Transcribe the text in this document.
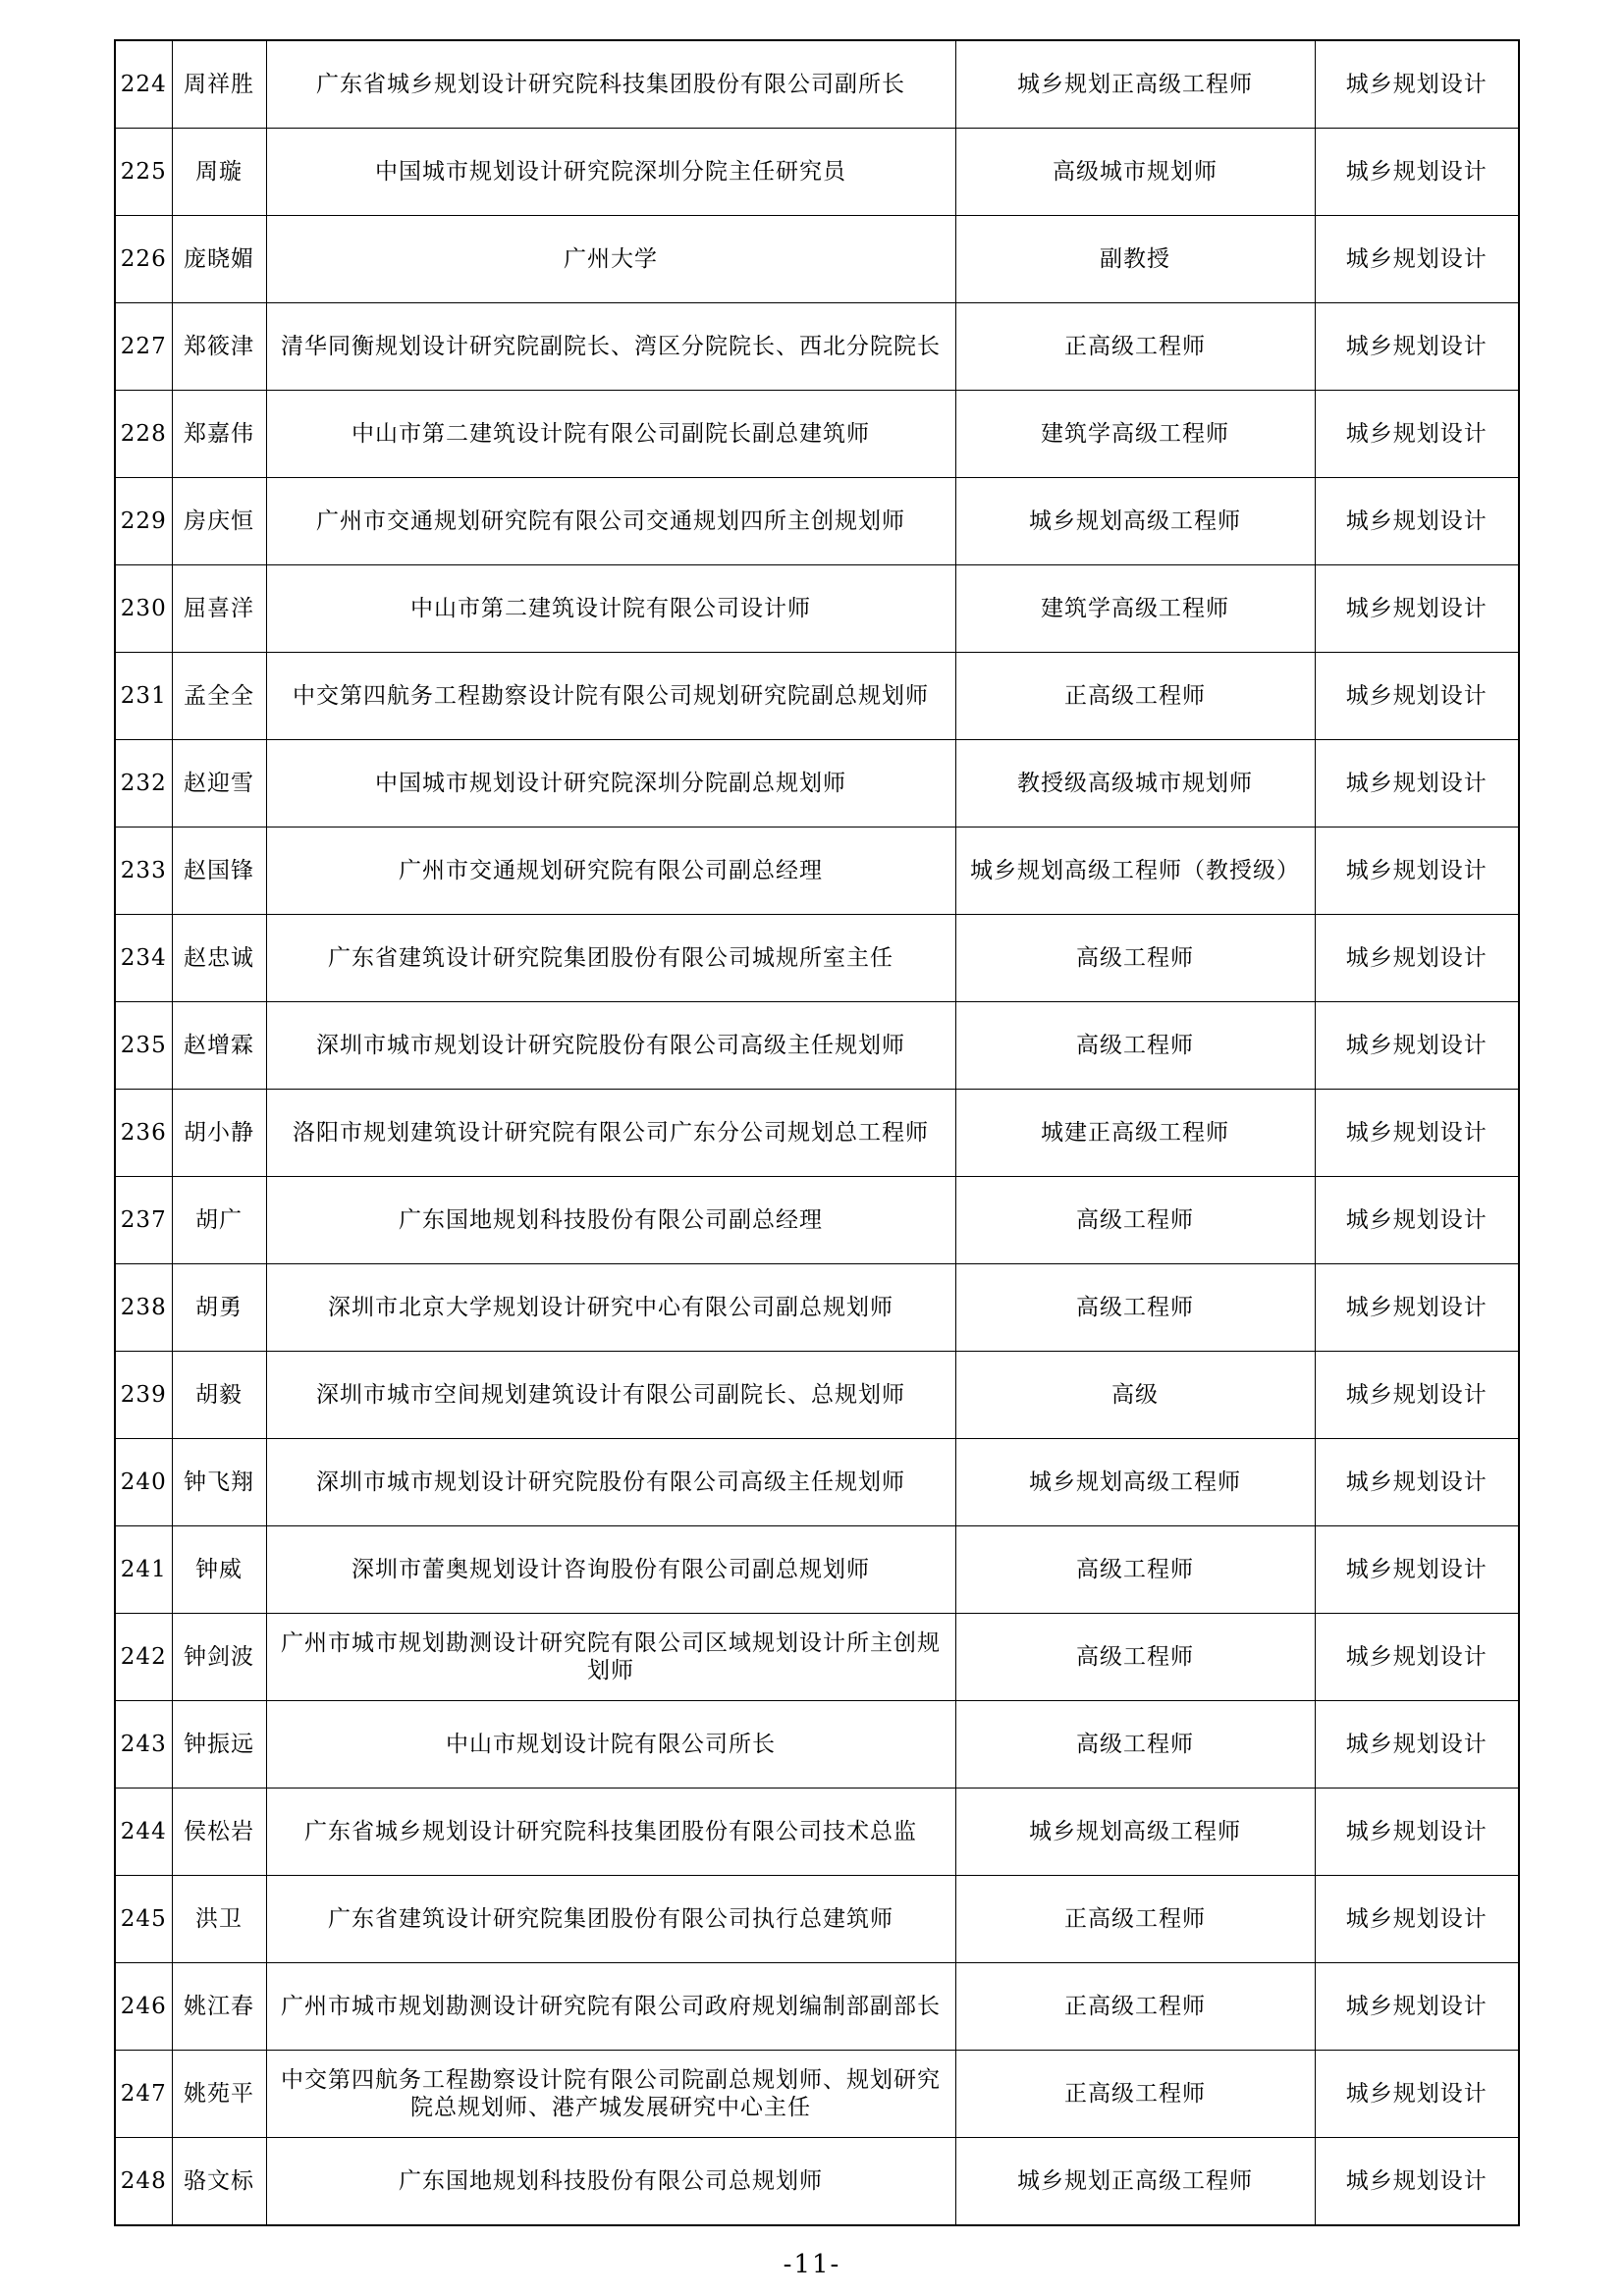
224	周祥胜	广东省城乡规划设计研究院科技集团股份有限公司副所长	城乡规划正高级工程师	城乡规划设计
225	周璇	中国城市规划设计研究院深圳分院主任研究员	高级城市规划师	城乡规划设计
226	庞晓媚	广州大学	副教授	城乡规划设计
227	郑筱津	清华同衡规划设计研究院副院长、湾区分院院长、西北分院院长	正高级工程师	城乡规划设计
228	郑嘉伟	中山市第二建筑设计院有限公司副院长副总建筑师	建筑学高级工程师	城乡规划设计
229	房庆恒	广州市交通规划研究院有限公司交通规划四所主创规划师	城乡规划高级工程师	城乡规划设计
230	屈喜洋	中山市第二建筑设计院有限公司设计师	建筑学高级工程师	城乡规划设计
231	孟全全	中交第四航务工程勘察设计院有限公司规划研究院副总规划师	正高级工程师	城乡规划设计
232	赵迎雪	中国城市规划设计研究院深圳分院副总规划师	教授级高级城市规划师	城乡规划设计
233	赵国锋	广州市交通规划研究院有限公司副总经理	城乡规划高级工程师（教授级）	城乡规划设计
234	赵忠诚	广东省建筑设计研究院集团股份有限公司城规所室主任	高级工程师	城乡规划设计
235	赵增霖	深圳市城市规划设计研究院股份有限公司高级主任规划师	高级工程师	城乡规划设计
236	胡小静	洛阳市规划建筑设计研究院有限公司广东分公司规划总工程师	城建正高级工程师	城乡规划设计
237	胡广	广东国地规划科技股份有限公司副总经理	高级工程师	城乡规划设计
238	胡勇	深圳市北京大学规划设计研究中心有限公司副总规划师	高级工程师	城乡规划设计
239	胡毅	深圳市城市空间规划建筑设计有限公司副院长、总规划师	高级	城乡规划设计
240	钟飞翔	深圳市城市规划设计研究院股份有限公司高级主任规划师	城乡规划高级工程师	城乡规划设计
241	钟威	深圳市蕾奥规划设计咨询股份有限公司副总规划师	高级工程师	城乡规划设计
242	钟剑波	广州市城市规划勘测设计研究院有限公司区域规划设计所主创规划师	高级工程师	城乡规划设计
243	钟振远	中山市规划设计院有限公司所长	高级工程师	城乡规划设计
244	侯松岩	广东省城乡规划设计研究院科技集团股份有限公司技术总监	城乡规划高级工程师	城乡规划设计
245	洪卫	广东省建筑设计研究院集团股份有限公司执行总建筑师	正高级工程师	城乡规划设计
246	姚江春	广州市城市规划勘测设计研究院有限公司政府规划编制部副部长	正高级工程师	城乡规划设计
247	姚苑平	中交第四航务工程勘察设计院有限公司院副总规划师、规划研究院总规划师、港产城发展研究中心主任	正高级工程师	城乡规划设计
248	骆文标	广东国地规划科技股份有限公司总规划师	城乡规划正高级工程师	城乡规划设计
-11-
